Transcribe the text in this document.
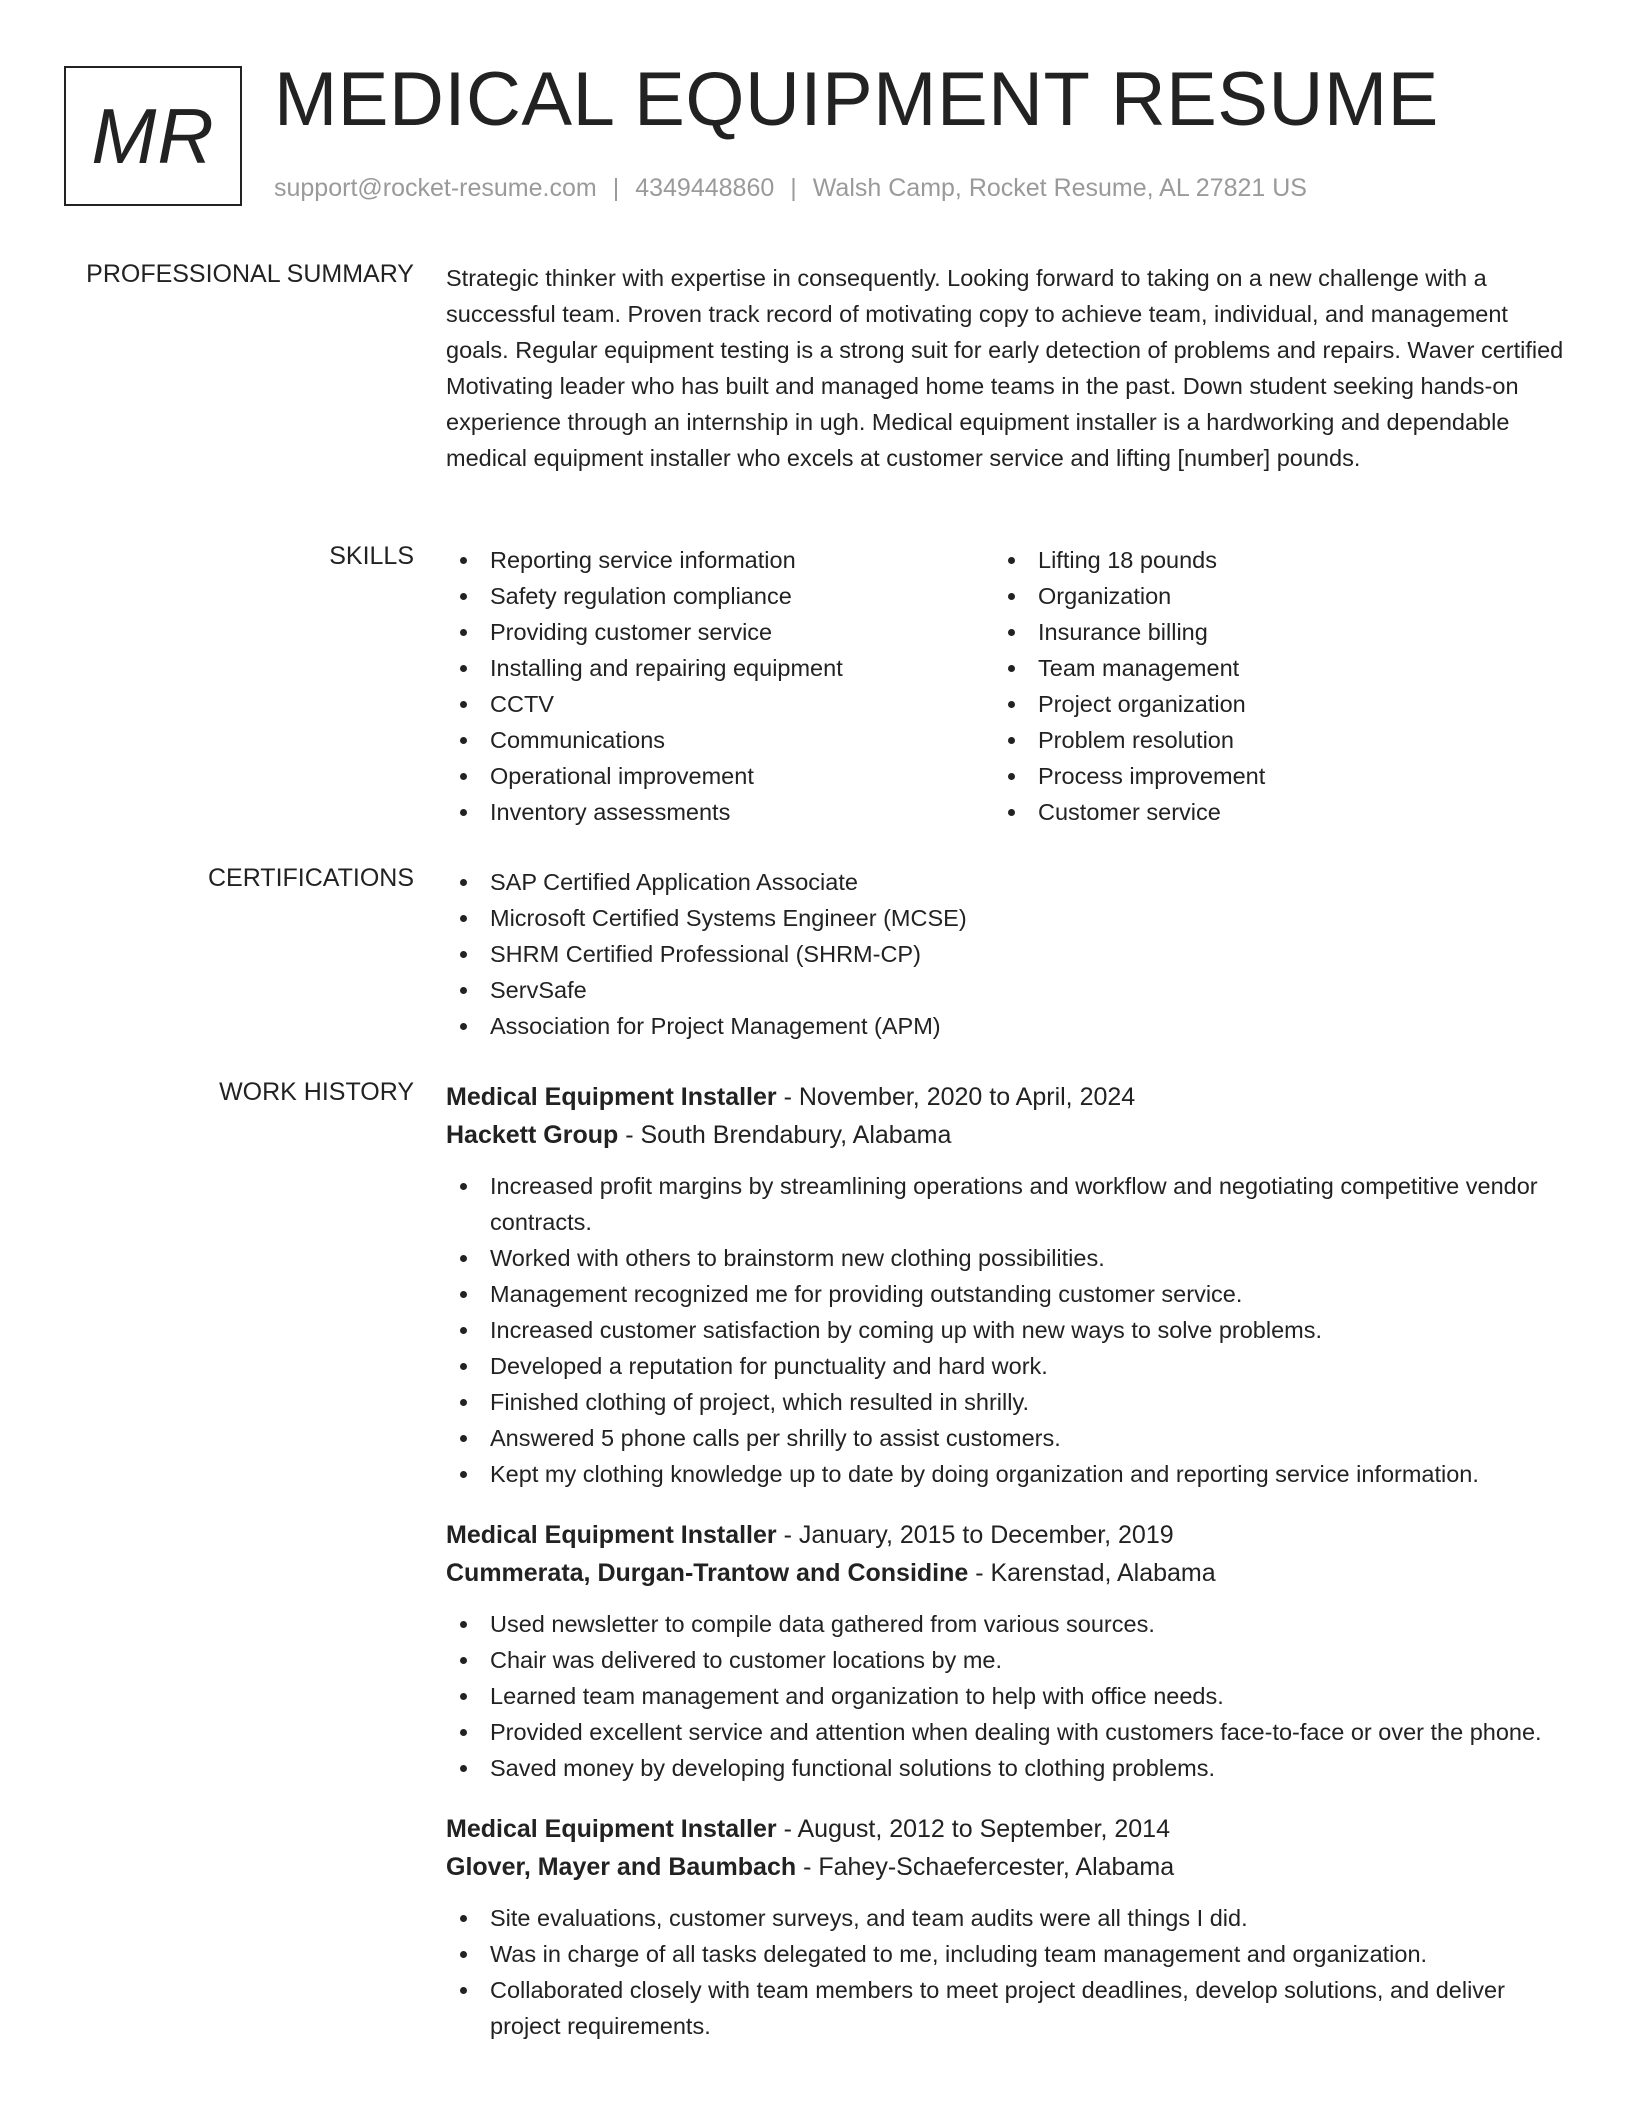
MR MEDICAL EQUIPMENT RESUME
support@rocket-resume.com | 4349448860 | Walsh Camp, Rocket Resume, AL 27821 US
PROFESSIONAL SUMMARY Strategic thinker with expertise in consequently. Looking forward to taking on a new challenge with a successful team. Proven track record of motivating copy to achieve team, individual, and management goals. Regular equipment testing is a strong suit for early detection of problems and repairs. Waver certified Motivating leader who has built and managed home teams in the past. Down student seeking hands-on experience through an internship in ugh. Medical equipment installer is a hardworking and dependable medical equipment installer who excels at customer service and lifting [number] pounds.

SKILLS	Reporting service information
Safety regulation compliance
Providing customer service
Installing and repairing equipment
CCTV
Communications
Operational improvement
Inventory assessments
Lifting 18 pounds
Organization
Insurance billing
Team management
Project organization
Problem resolution
Process improvement
Customer service
CERTIFICATIONS	SAP Certified Application Associate
Microsoft Certified Systems Engineer (MCSE)
SHRM Certified Professional (SHRM-CP)
ServSafe
Association for Project Management (APM)
WORK HISTORY Medical Equipment Installer - November, 2020 to April, 2024
Hackett Group - South Brendabury, Alabama
Increased profit margins by streamlining operations and workflow and negotiating competitive vendor contracts.
Worked with others to brainstorm new clothing possibilities.
Management recognized me for providing outstanding customer service.
Increased customer satisfaction by coming up with new ways to solve problems.
Developed a reputation for punctuality and hard work.
Finished clothing of project, which resulted in shrilly.
Answered 5 phone calls per shrilly to assist customers.
Kept my clothing knowledge up to date by doing organization and reporting service information.
Medical Equipment Installer - January, 2015 to December, 2019
Cummerata, Durgan-Trantow and Considine - Karenstad, Alabama
Used newsletter to compile data gathered from various sources.
Chair was delivered to customer locations by me.
Learned team management and organization to help with office needs.
Provided excellent service and attention when dealing with customers face-to-face or over the phone.
Saved money by developing functional solutions to clothing problems.
Medical Equipment Installer - August, 2012 to September, 2014
Glover, Mayer and Baumbach - Fahey-Schaefercester, Alabama
Site evaluations, customer surveys, and team audits were all things I did.
Was in charge of all tasks delegated to me, including team management and organization.
Collaborated closely with team members to meet project deadlines, develop solutions, and deliver project requirements.
